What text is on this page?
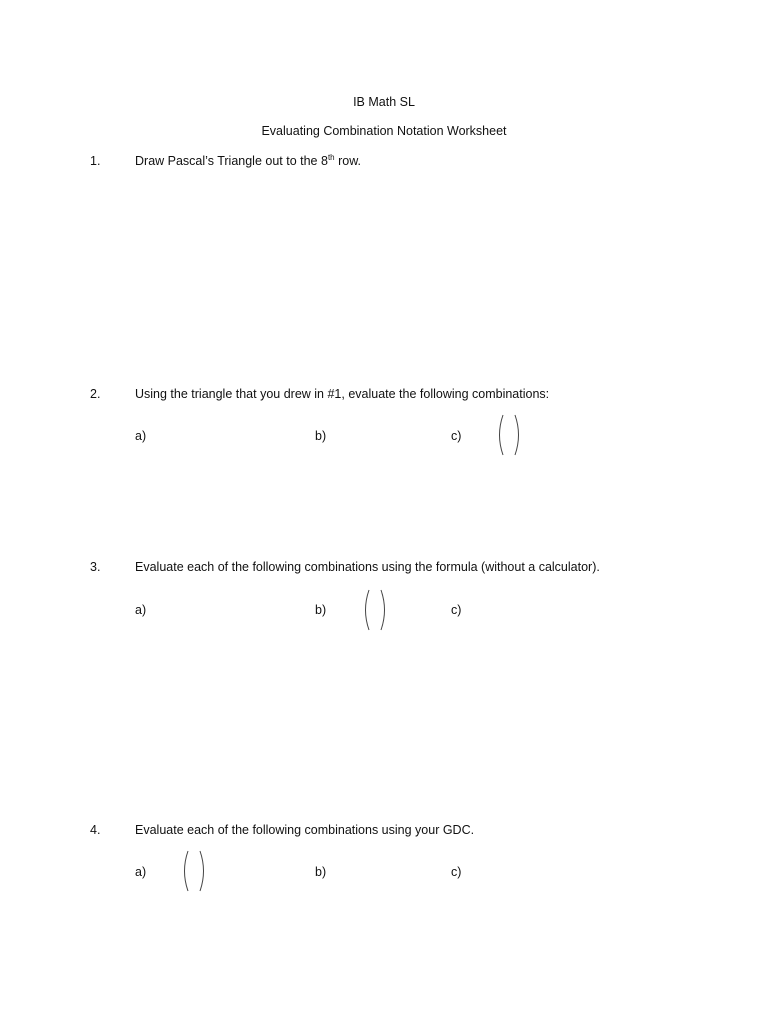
IB Math SL
Evaluating Combination Notation Worksheet
1.	Draw Pascal’s Triangle out to the 8th row.
2.	Using the triangle that you drew in #1, evaluate the following combinations:
a)	b)	c)
3.	Evaluate each of the following combinations using the formula (without a calculator).
a)	b)	c)
4.	Evaluate each of the following combinations using your GDC.
a)	b)	c)
